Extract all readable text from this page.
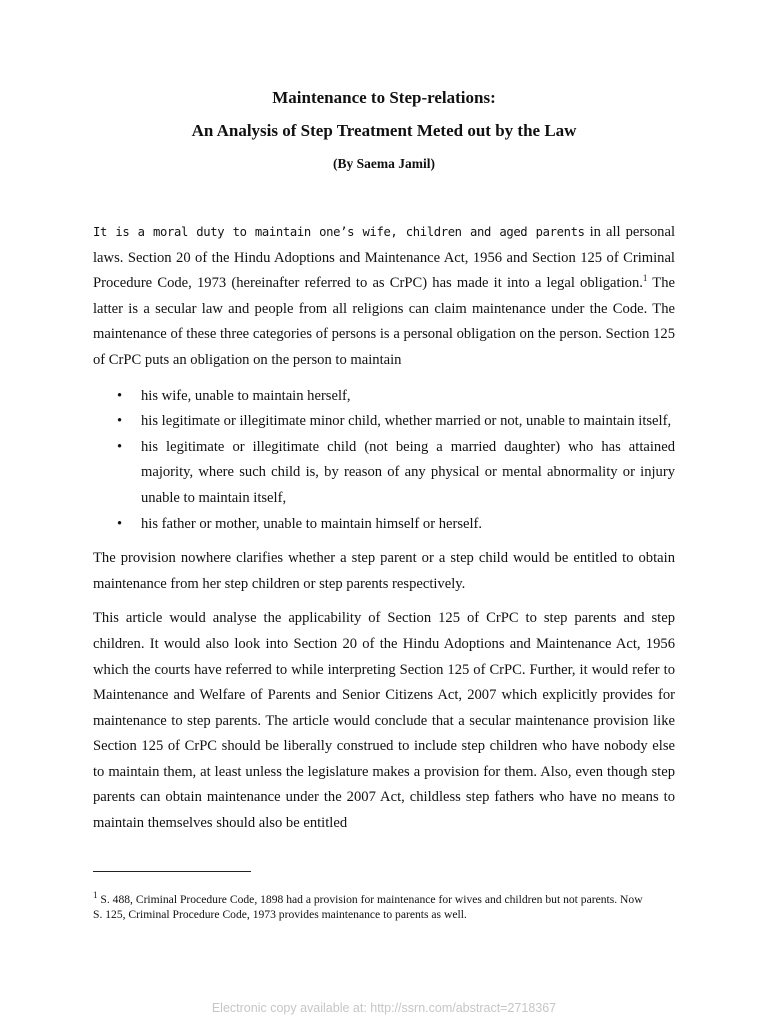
Maintenance to Step-relations:

An Analysis of Step Treatment Meted out by the Law

(By Saema Jamil)

It is a moral duty to maintain one’s wife, children and aged parents in all personal laws. Section 20 of the Hindu Adoptions and Maintenance Act, 1956 and Section 125 of Criminal Procedure Code, 1973 (hereinafter referred to as CrPC) has made it into a legal obligation.$^1$ The latter is a secular law and people from all religions can claim maintenance under the Code. The maintenance of these three categories of persons is a personal obligation on the person. Section 125 of CrPC puts an obligation on the person to maintain

• his wife, unable to maintain herself,
• his legitimate or illegitimate minor child, whether married or not, unable to maintain itself,
• his legitimate or illegitimate child (not being a married daughter) who has attained majority, where such child is, by reason of any physical or mental abnormality or injury unable to maintain itself,
• his father or mother, unable to maintain himself or herself.

The provision nowhere clarifies whether a step parent or a step child would be entitled to obtain maintenance from her step children or step parents respectively.

This article would analyse the applicability of Section 125 of CrPC to step parents and step children. It would also look into Section 20 of the Hindu Adoptions and Maintenance Act, 1956 which the courts have referred to while interpreting Section 125 of CrPC. Further, it would refer to Maintenance and Welfare of Parents and Senior Citizens Act, 2007 which explicitly provides for maintenance to step parents. The article would conclude that a secular maintenance provision like Section 125 of CrPC should be liberally construed to include step children who have nobody else to maintain them, at least unless the legislature makes a provision for them. Also, even though step parents can obtain maintenance under the 2007 Act, childless step fathers who have no means to maintain themselves should also be entitled

$^1$ S. 488, Criminal Procedure Code, 1898 had a provision for maintenance for wives and children but not parents. Now S. 125, Criminal Procedure Code, 1973 provides maintenance to parents as well.

Electronic copy available at: http://ssrn.com/abstract=2718367
